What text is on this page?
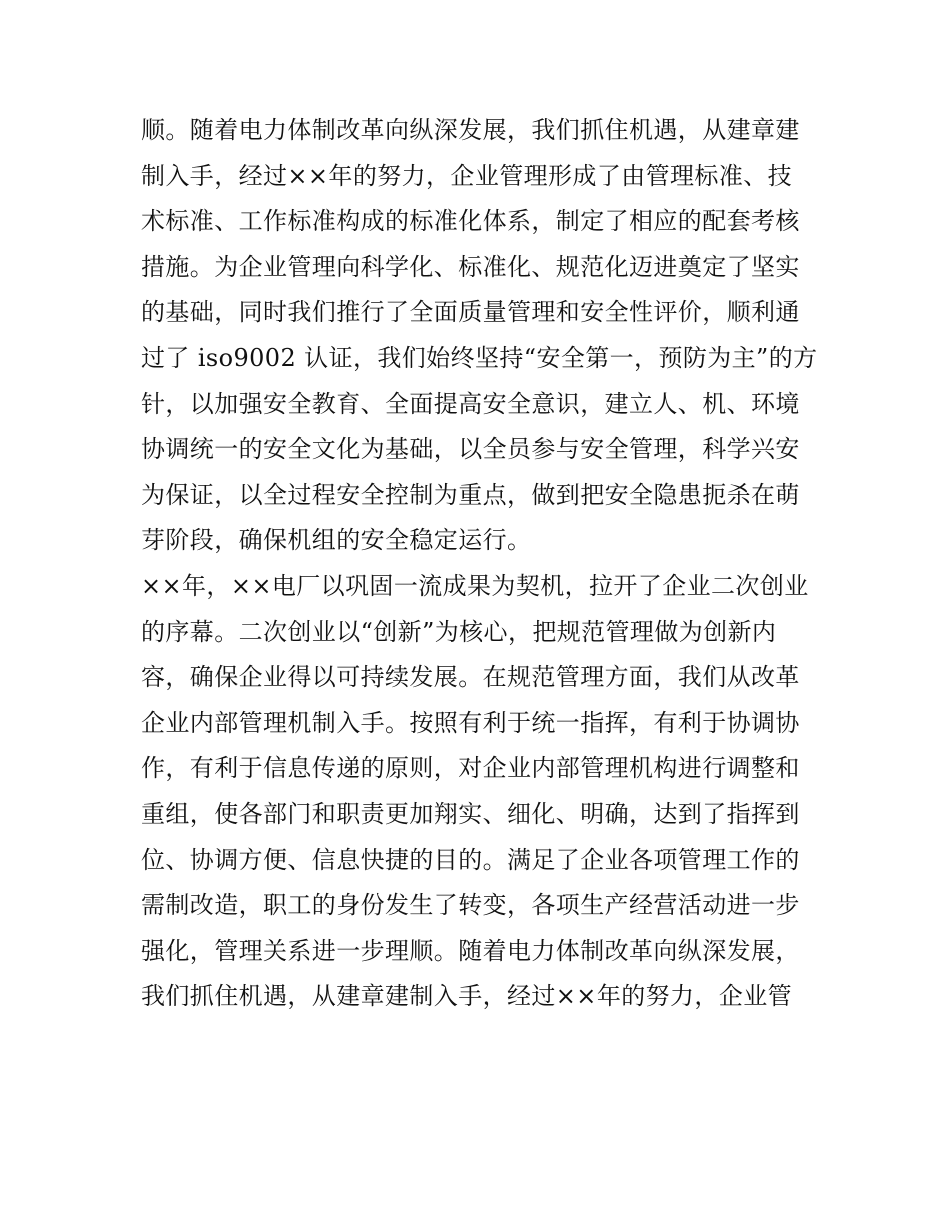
顺。随着电力体制改革向纵深发展，我们抓住机遇，从建章建
制入手，经过××年的努力，企业管理形成了由管理标准、技
术标准、工作标准构成的标准化体系，制定了相应的配套考核
措施。为企业管理向科学化、标准化、规范化迈进奠定了坚实
的基础，同时我们推行了全面质量管理和安全性评价，顺利通
过了 iso9002 认证，我们始终坚持“安全第一，预防为主”的方
针，以加强安全教育、全面提高安全意识，建立人、机、环境
协调统一的安全文化为基础，以全员参与安全管理，科学兴安
为保证，以全过程安全控制为重点，做到把安全隐患扼杀在萌
芽阶段，确保机组的安全稳定运行。
××年，××电厂以巩固一流成果为契机，拉开了企业二次创业
的序幕。二次创业以“创新”为核心，把规范管理做为创新内
容，确保企业得以可持续发展。在规范管理方面，我们从改革
企业内部管理机制入手。按照有利于统一指挥，有利于协调协
作，有利于信息传递的原则，对企业内部管理机构进行调整和
重组，使各部门和职责更加翔实、细化、明确，达到了指挥到
位、协调方便、信息快捷的目的。满足了企业各项管理工作的
需制改造，职工的身份发生了转变，各项生产经营活动进一步
强化，管理关系进一步理顺。随着电力体制改革向纵深发展，
我们抓住机遇，从建章建制入手，经过××年的努力，企业管
